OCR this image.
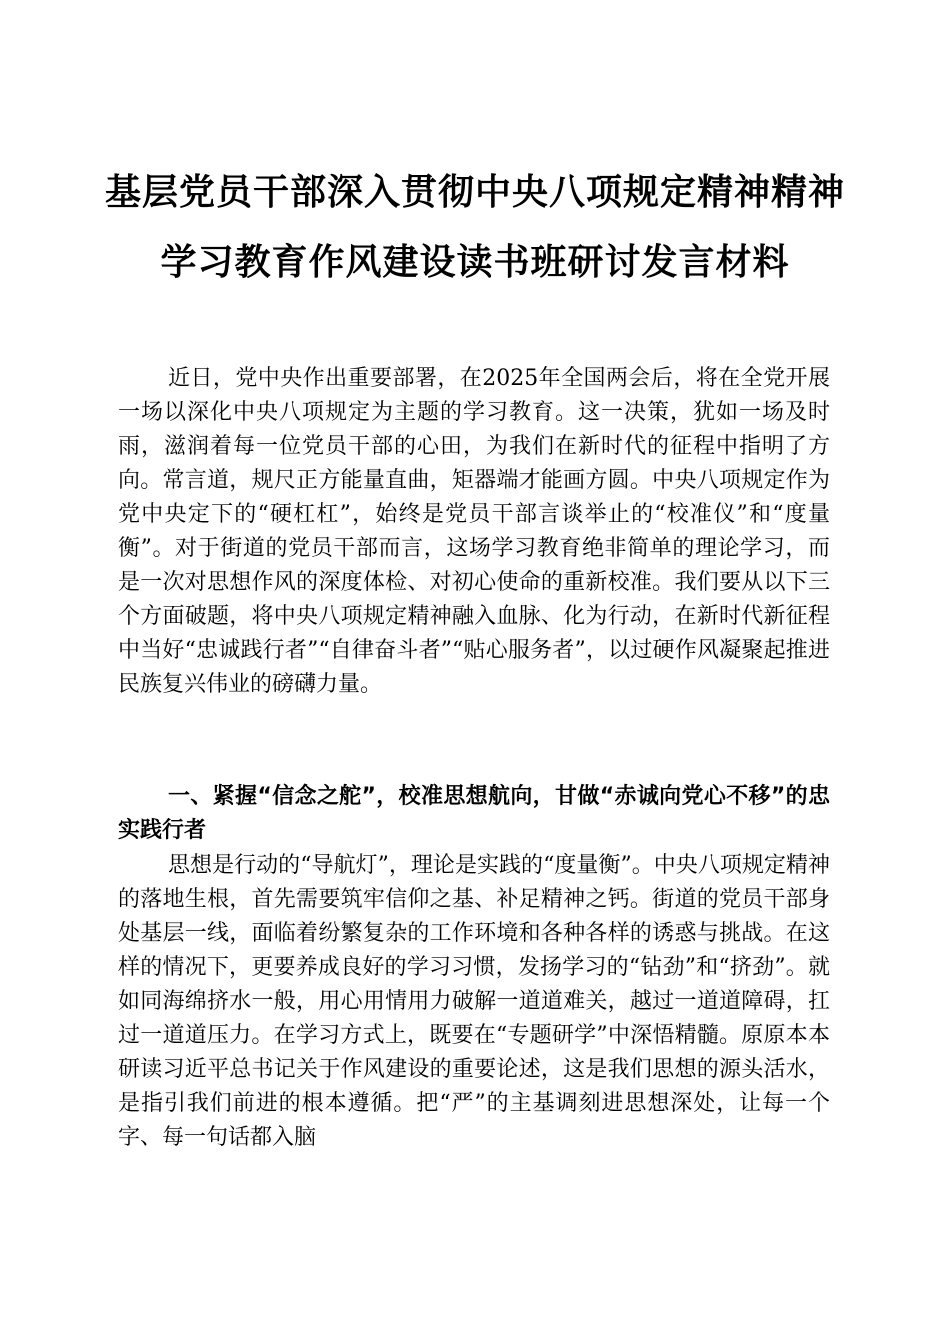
基层党员干部深入贯彻中央八项规定精神精神
学习教育作风建设读书班研讨发言材料

近日，党中央作出重要部署，在2025年全国两会后，将在全党开展一场以深化中央八项规定为主题的学习教育。这一决策，犹如一场及时雨，滋润着每一位党员干部的心田，为我们在新时代的征程中指明了方向。常言道，规尺正方能量直曲，矩器端才能画方圆。中央八项规定作为党中央定下的“硬杠杠”，始终是党员干部言谈举止的“校准仪”和“度量衡”。对于街道的党员干部而言，这场学习教育绝非简单的理论学习，而是一次对思想作风的深度体检、对初心使命的重新校准。我们要从以下三个方面破题，将中央八项规定精神融入血脉、化为行动，在新时代新征程中当好“忠诚践行者”“自律奋斗者”“贴心服务者”，以过硬作风凝聚起推进民族复兴伟业的磅礴力量。

一、紧握“信念之舵”，校准思想航向，甘做“赤诚向党心不移”的忠实践行者

思想是行动的“导航灯”，理论是实践的“度量衡”。中央八项规定精神的落地生根，首先需要筑牢信仰之基、补足精神之钙。街道的党员干部身处基层一线，面临着纷繁复杂的工作环境和各种各样的诱惑与挑战。在这样的情况下，更要养成良好的学习习惯，发扬学习的“钻劲”和“挤劲”。就如同海绵挤水一般，用心用情用力破解一道道难关，越过一道道障碍，扛过一道道压力。在学习方式上，既要在“专题研学”中深悟精髓。原原本本研读习近平总书记关于作风建设的重要论述，这是我们思想的源头活水，是指引我们前进的根本遵循。把“严”的主基调刻进思想深处，让每一个字、每一句话都入脑
